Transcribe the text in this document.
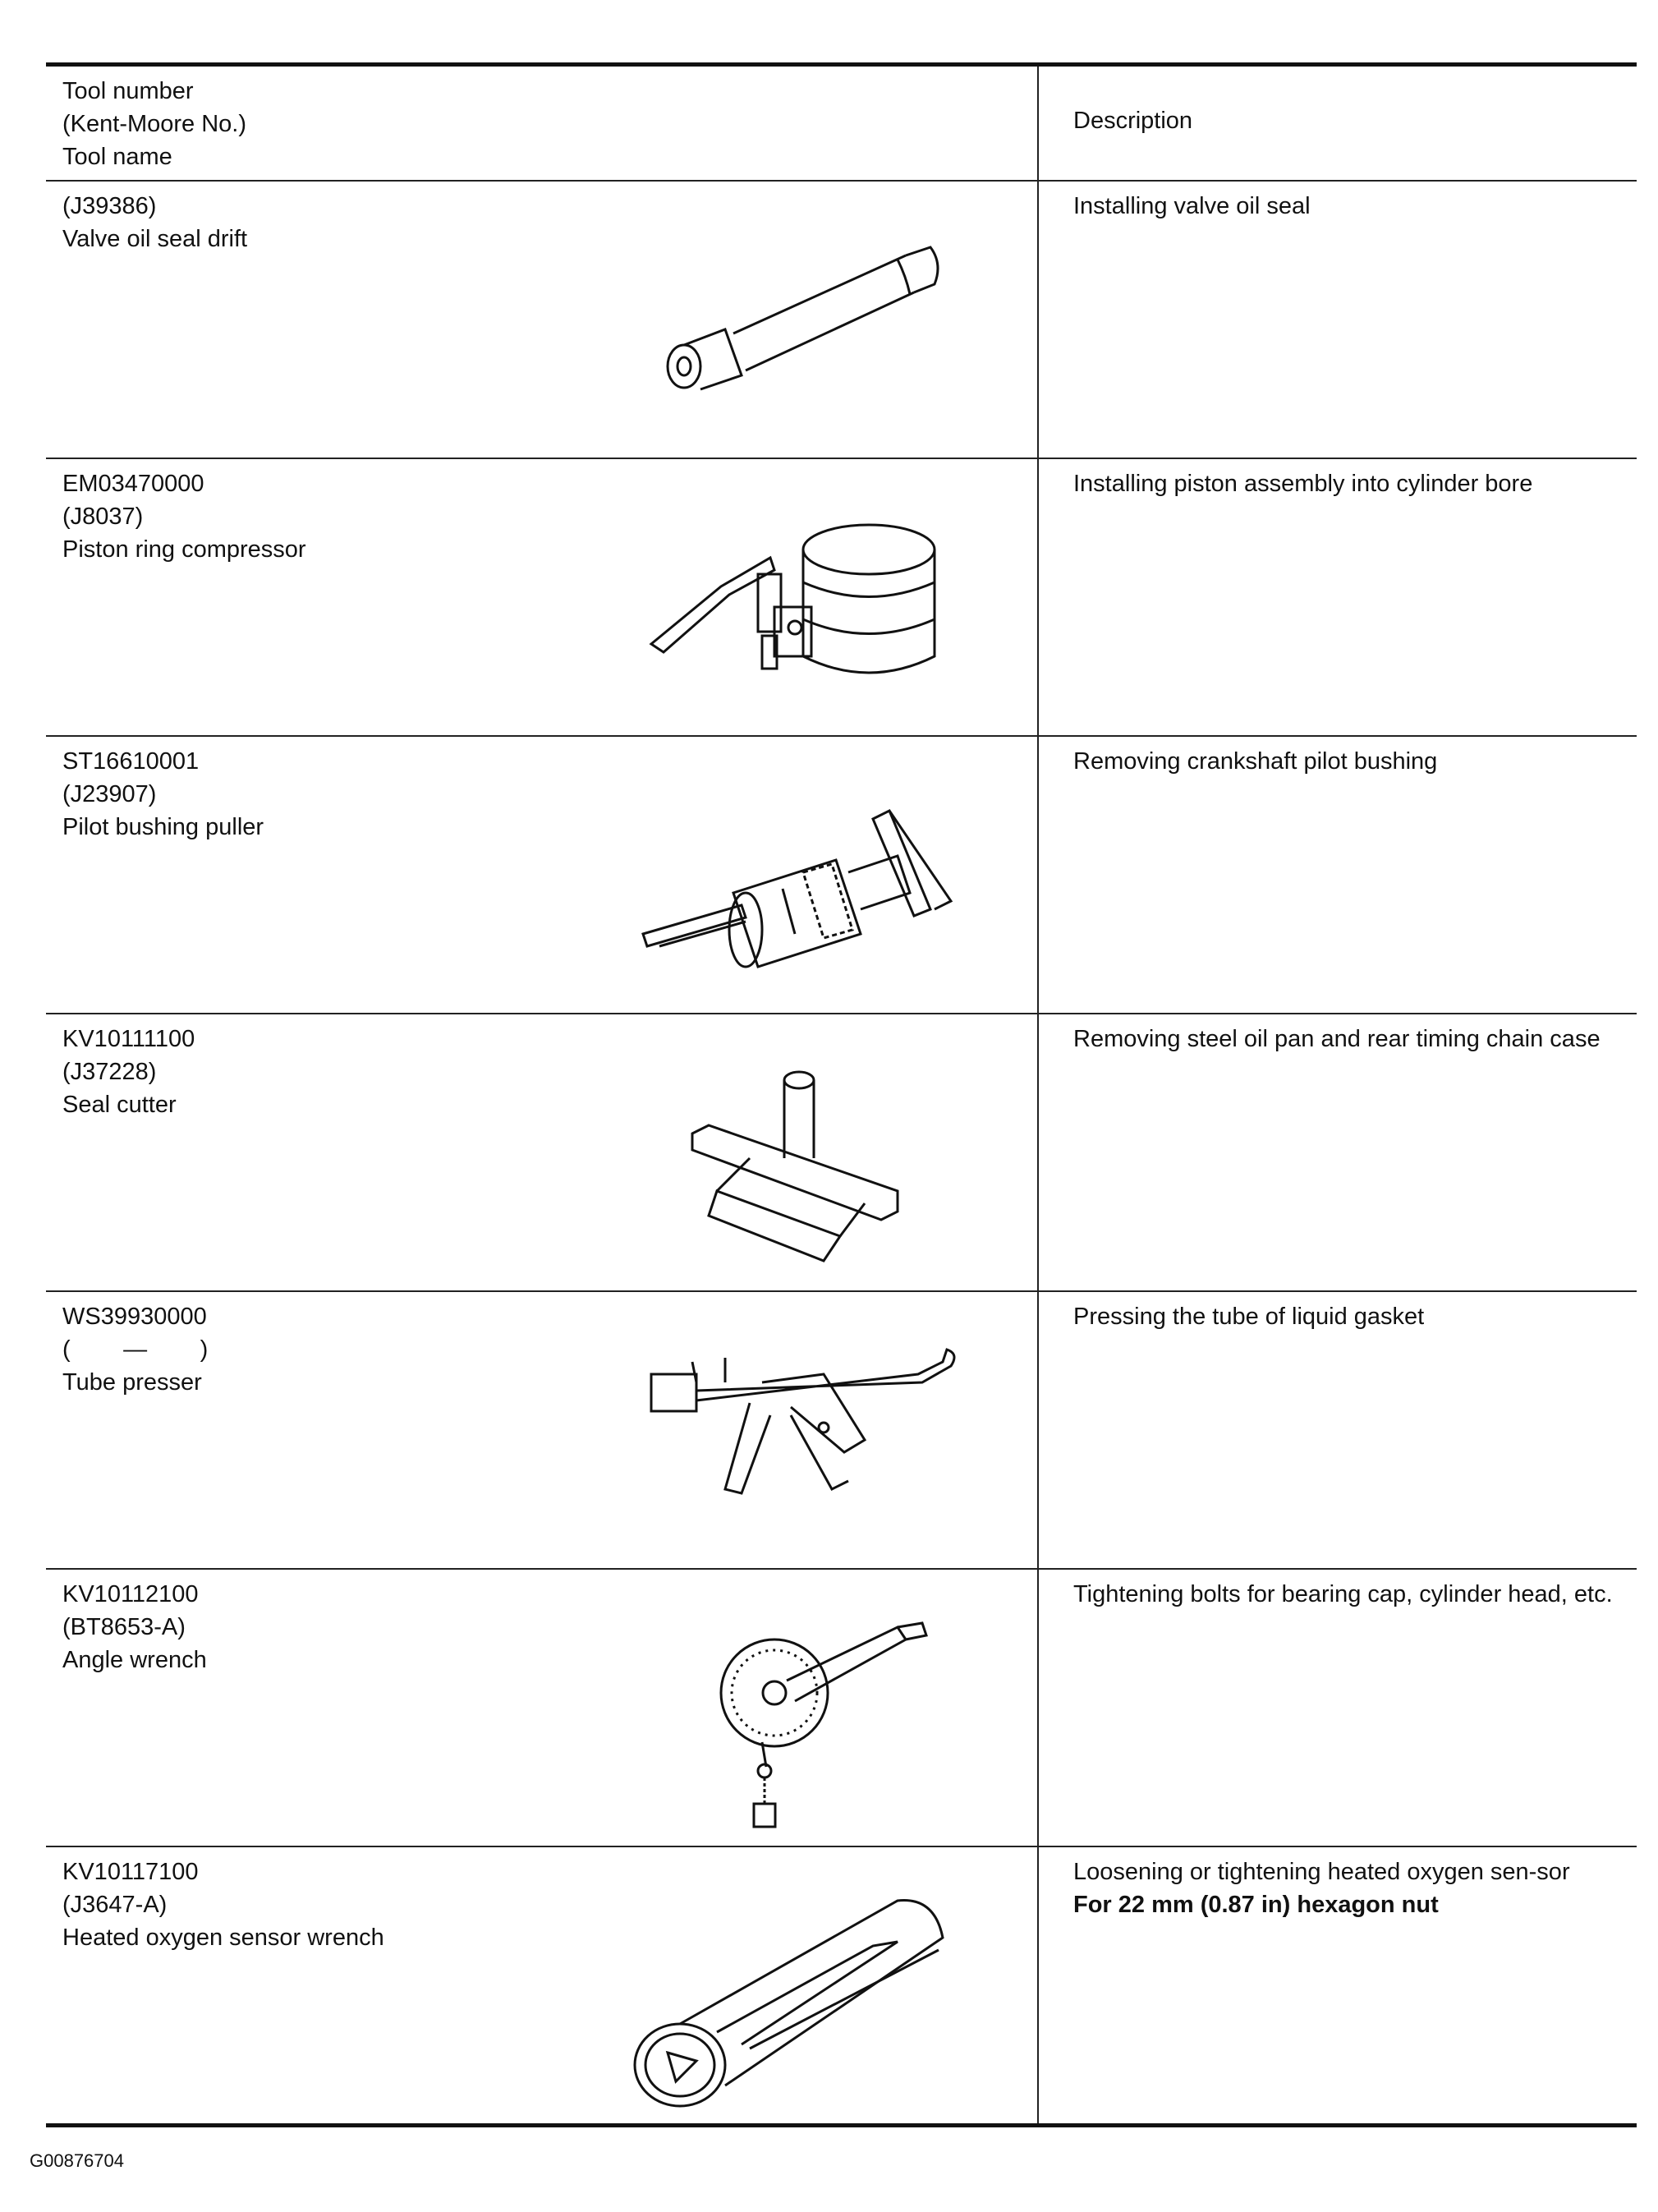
Tool number
(Kent-Moore No.)
Tool name
Description
(J39386)
Valve oil seal drift
Installing valve oil seal
EM03470000
(J8037)
Piston ring compressor
Installing piston assembly into cylinder bore
ST16610001
(J23907)
Pilot bushing puller
Removing crankshaft pilot bushing
KV10111100
(J37228)
Seal cutter
Removing steel oil pan and rear timing chain case
WS39930000
(        —        )
Tube presser
Pressing the tube of liquid gasket
KV10112100
(BT8653-A)
Angle wrench
Tightening bolts for bearing cap, cylinder head, etc.
KV10117100
(J3647-A)
Heated oxygen sensor wrench
Loosening or tightening heated oxygen sen-sor
For 22 mm (0.87 in) hexagon nut
G00876704
